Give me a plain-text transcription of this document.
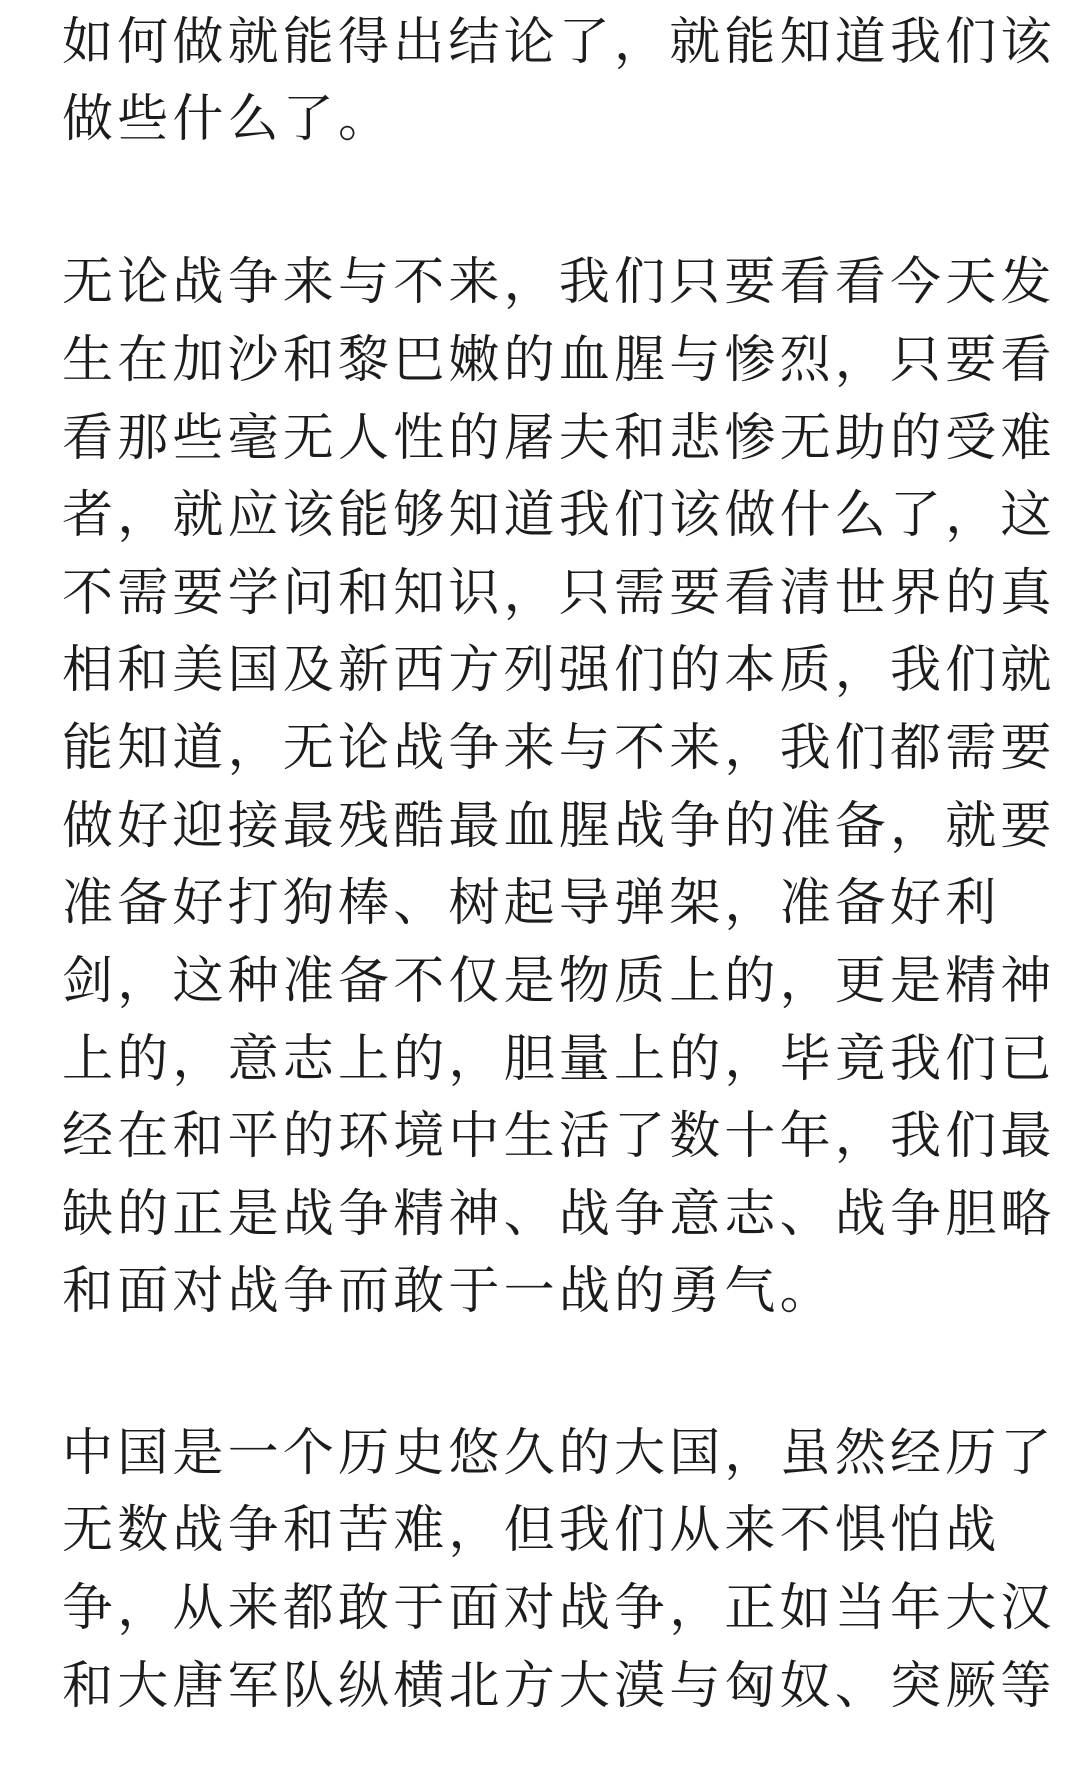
如何做就能得出结论了，就能知道我们该
做些什么了。
无论战争来与不来，我们只要看看今天发
生在加沙和黎巴嫩的血腥与惨烈，只要看
看那些毫无人性的屠夫和悲惨无助的受难
者，就应该能够知道我们该做什么了，这
不需要学问和知识，只需要看清世界的真
相和美国及新西方列强们的本质，我们就
能知道，无论战争来与不来，我们都需要
做好迎接最残酷最血腥战争的准备，就要
准备好打狗棒、树起导弹架，准备好利
剑，这种准备不仅是物质上的，更是精神
上的，意志上的，胆量上的，毕竟我们已
经在和平的环境中生活了数十年，我们最
缺的正是战争精神、战争意志、战争胆略
和面对战争而敢于一战的勇气。
中国是一个历史悠久的大国，虽然经历了
无数战争和苦难，但我们从来不惧怕战
争，从来都敢于面对战争，正如当年大汉
和大唐军队纵横北方大漠与匈奴、突厥等
